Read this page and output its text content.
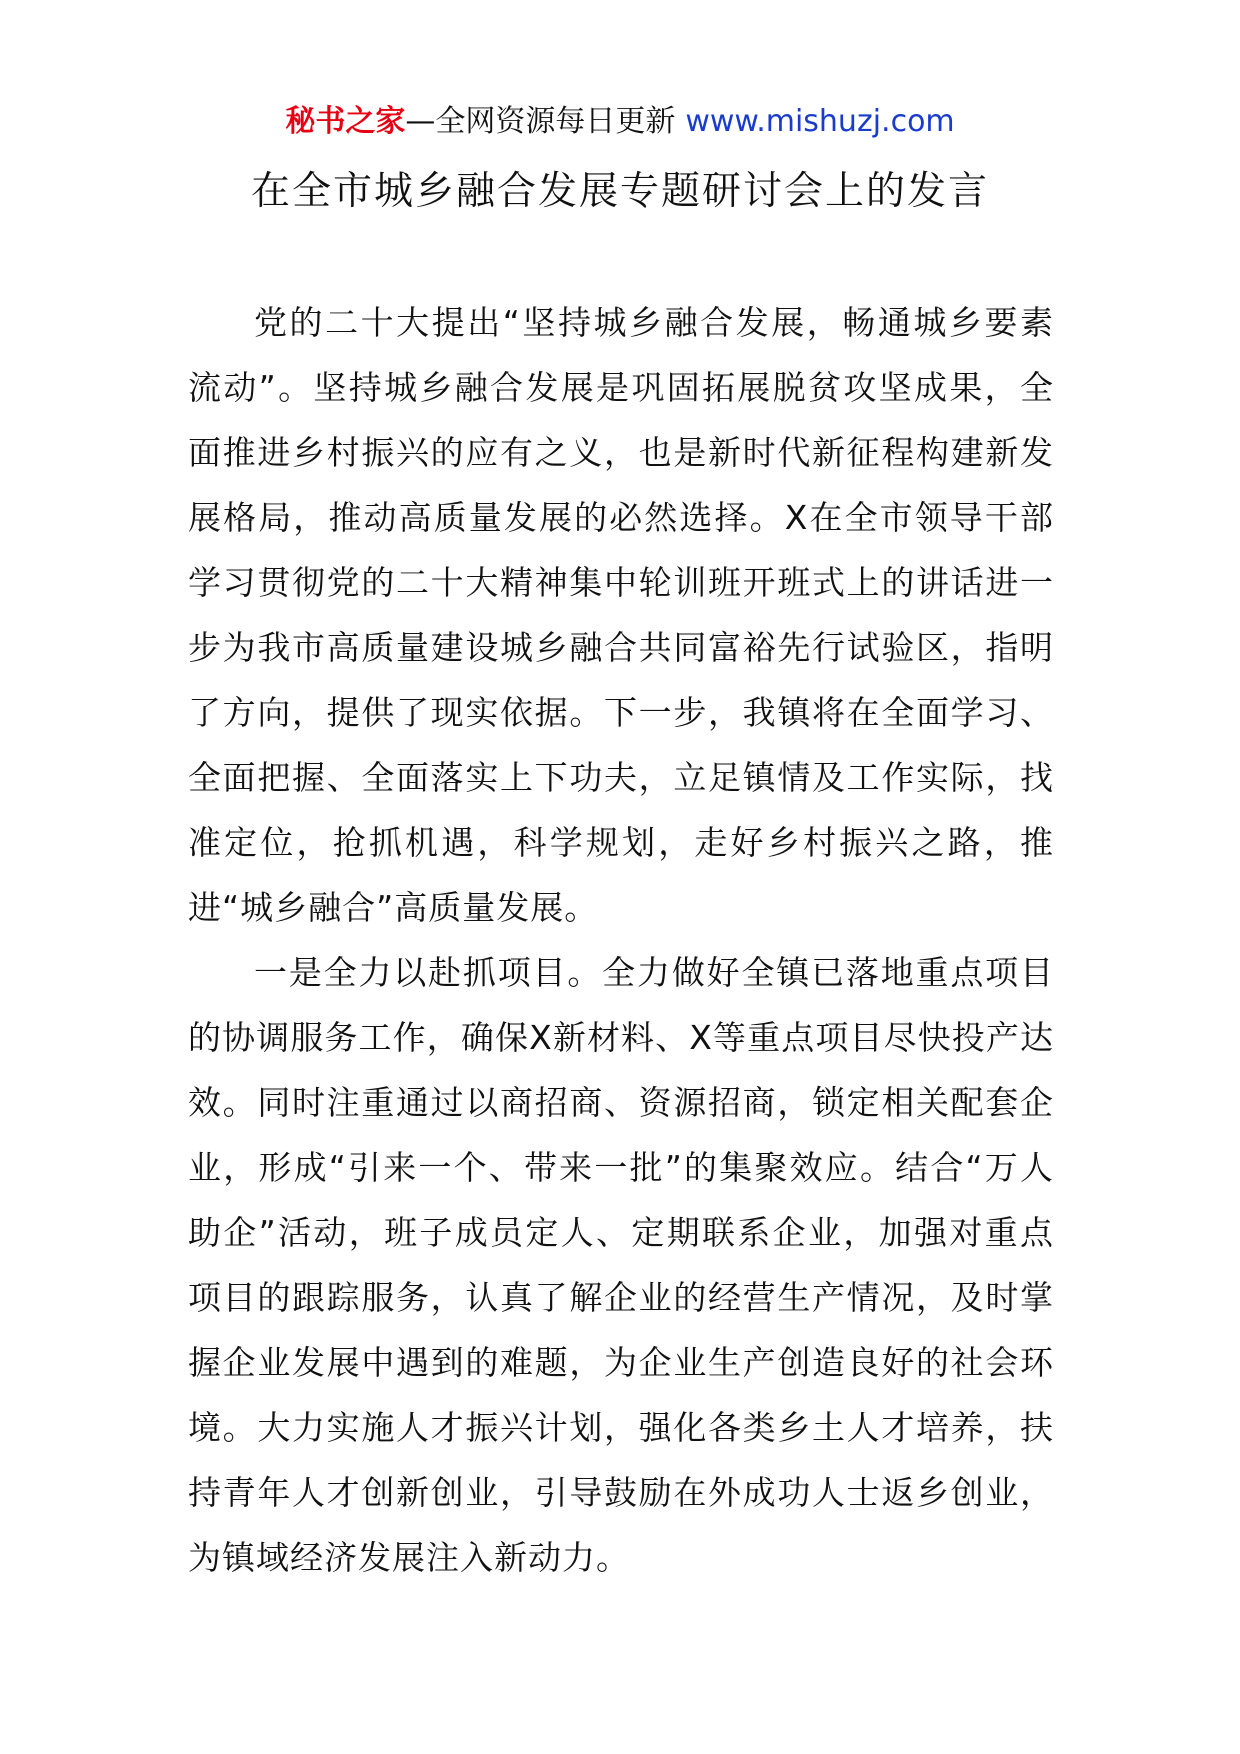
秘书之家—全网资源每日更新 www.mishuzj.com
在全市城乡融合发展专题研讨会上的发言

党的二十大提出“坚持城乡融合发展，畅通城乡要素流动”。坚持城乡融合发展是巩固拓展脱贫攻坚成果，全面推进乡村振兴的应有之义，也是新时代新征程构建新发展格局，推动高质量发展的必然选择。X在全市领导干部学习贯彻党的二十大精神集中轮训班开班式上的讲话进一步为我市高质量建设城乡融合共同富裕先行试验区，指明了方向，提供了现实依据。下一步，我镇将在全面学习、全面把握、全面落实上下功夫，立足镇情及工作实际，找准定位，抢抓机遇，科学规划，走好乡村振兴之路，推进“城乡融合”高质量发展。

一是全力以赴抓项目。全力做好全镇已落地重点项目的协调服务工作，确保X新材料、X等重点项目尽快投产达效。同时注重通过以商招商、资源招商，锁定相关配套企业，形成“引来一个、带来一批”的集聚效应。结合“万人助企”活动，班子成员定人、定期联系企业，加强对重点项目的跟踪服务，认真了解企业的经营生产情况，及时掌握企业发展中遇到的难题，为企业生产创造良好的社会环境。大力实施人才振兴计划，强化各类乡土人才培养，扶持青年人才创新创业，引导鼓励在外成功人士返乡创业，为镇域经济发展注入新动力。
